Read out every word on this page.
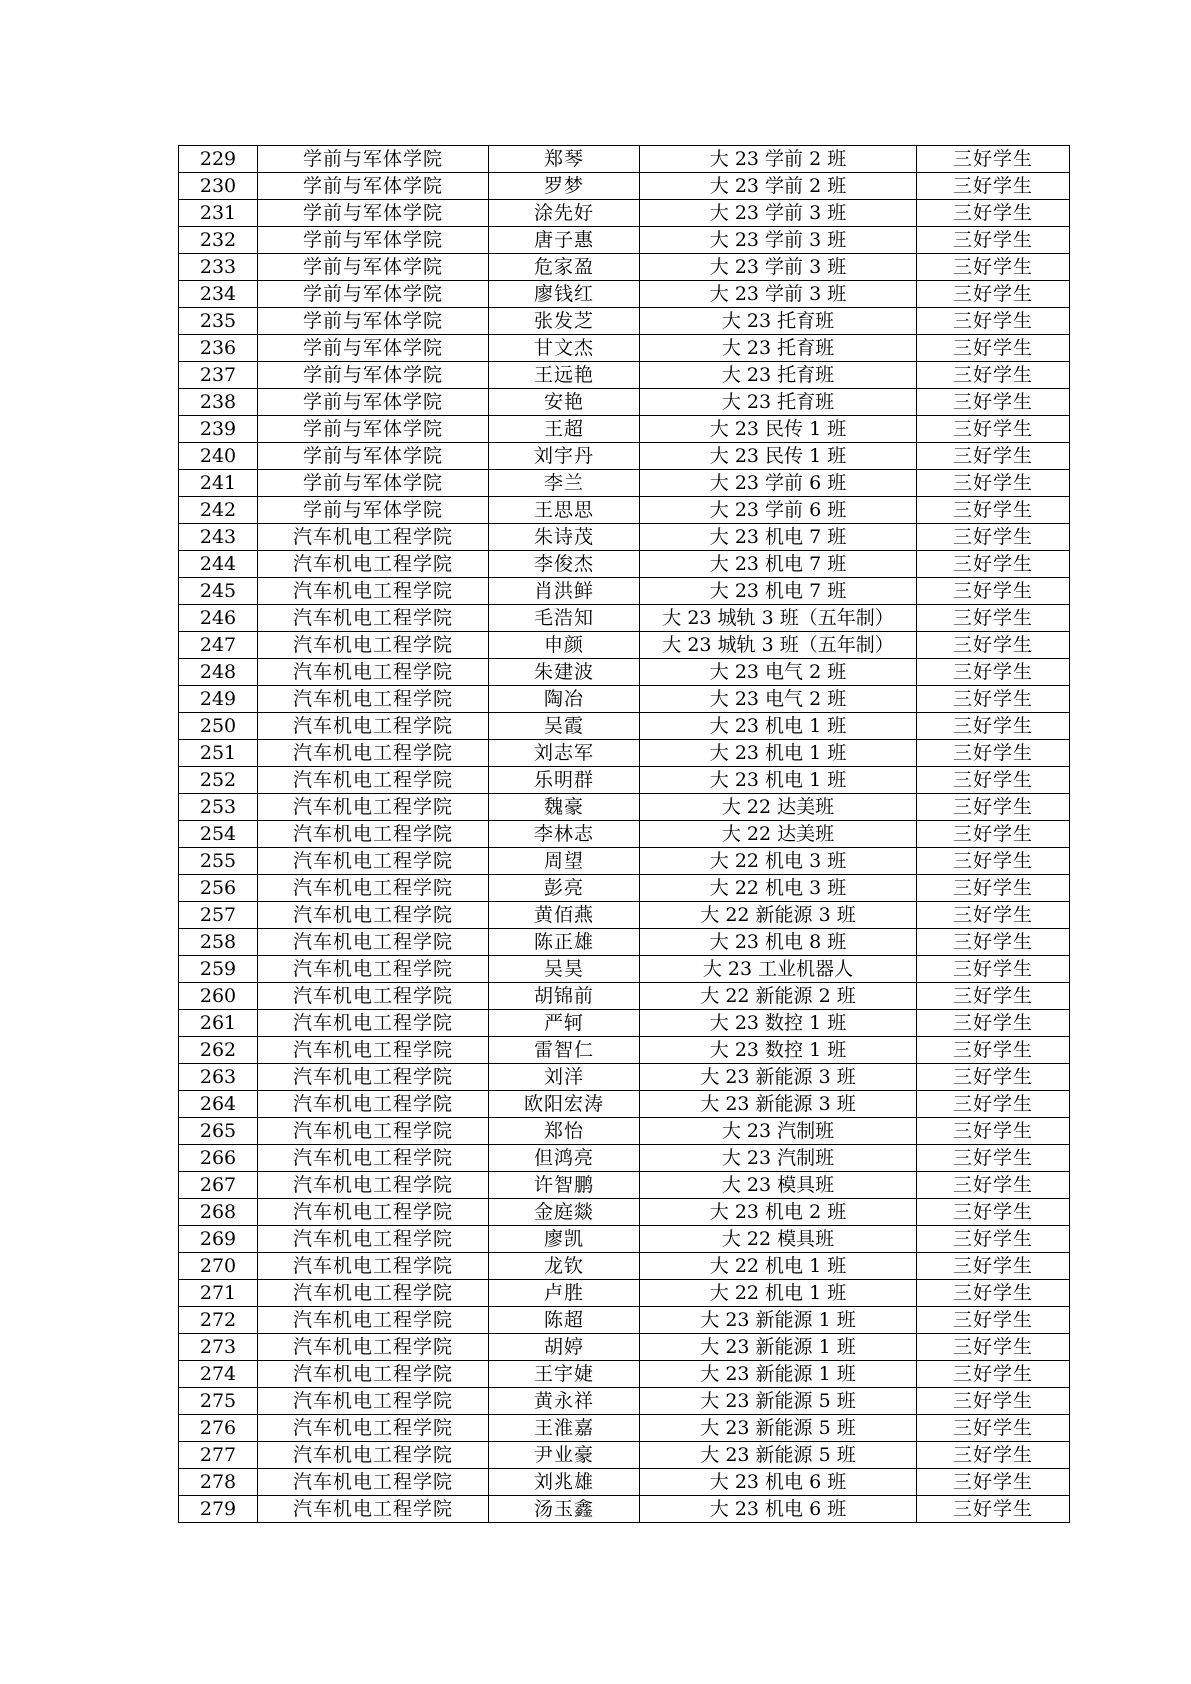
229	学前与军体学院	郑琴	大 23 学前 2 班	三好学生
230	学前与军体学院	罗梦	大 23 学前 2 班	三好学生
231	学前与军体学院	涂先好	大 23 学前 3 班	三好学生
232	学前与军体学院	唐子惠	大 23 学前 3 班	三好学生
233	学前与军体学院	危家盈	大 23 学前 3 班	三好学生
234	学前与军体学院	廖钱红	大 23 学前 3 班	三好学生
235	学前与军体学院	张发芝	大 23 托育班	三好学生
236	学前与军体学院	甘文杰	大 23 托育班	三好学生
237	学前与军体学院	王远艳	大 23 托育班	三好学生
238	学前与军体学院	安艳	大 23 托育班	三好学生
239	学前与军体学院	王超	大 23 民传 1 班	三好学生
240	学前与军体学院	刘宇丹	大 23 民传 1 班	三好学生
241	学前与军体学院	李兰	大 23 学前 6 班	三好学生
242	学前与军体学院	王思思	大 23 学前 6 班	三好学生
243	汽车机电工程学院	朱诗茂	大 23 机电 7 班	三好学生
244	汽车机电工程学院	李俊杰	大 23 机电 7 班	三好学生
245	汽车机电工程学院	肖洪鲜	大 23 机电 7 班	三好学生
246	汽车机电工程学院	毛浩知	大 23 城轨 3 班（五年制）	三好学生
247	汽车机电工程学院	申颜	大 23 城轨 3 班（五年制）	三好学生
248	汽车机电工程学院	朱建波	大 23 电气 2 班	三好学生
249	汽车机电工程学院	陶冶	大 23 电气 2 班	三好学生
250	汽车机电工程学院	吴霞	大 23 机电 1 班	三好学生
251	汽车机电工程学院	刘志军	大 23 机电 1 班	三好学生
252	汽车机电工程学院	乐明群	大 23 机电 1 班	三好学生
253	汽车机电工程学院	魏豪	大 22 达美班	三好学生
254	汽车机电工程学院	李林志	大 22 达美班	三好学生
255	汽车机电工程学院	周望	大 22 机电 3 班	三好学生
256	汽车机电工程学院	彭亮	大 22 机电 3 班	三好学生
257	汽车机电工程学院	黄佰燕	大 22 新能源 3 班	三好学生
258	汽车机电工程学院	陈正雄	大 23 机电 8 班	三好学生
259	汽车机电工程学院	吴昊	大 23 工业机器人	三好学生
260	汽车机电工程学院	胡锦前	大 22 新能源 2 班	三好学生
261	汽车机电工程学院	严轲	大 23 数控 1 班	三好学生
262	汽车机电工程学院	雷智仁	大 23 数控 1 班	三好学生
263	汽车机电工程学院	刘洋	大 23 新能源 3 班	三好学生
264	汽车机电工程学院	欧阳宏涛	大 23 新能源 3 班	三好学生
265	汽车机电工程学院	郑怡	大 23 汽制班	三好学生
266	汽车机电工程学院	但鸿亮	大 23 汽制班	三好学生
267	汽车机电工程学院	许智鹏	大 23 模具班	三好学生
268	汽车机电工程学院	金庭燚	大 23 机电 2 班	三好学生
269	汽车机电工程学院	廖凯	大 22 模具班	三好学生
270	汽车机电工程学院	龙钦	大 22 机电 1 班	三好学生
271	汽车机电工程学院	卢胜	大 22 机电 1 班	三好学生
272	汽车机电工程学院	陈超	大 23 新能源 1 班	三好学生
273	汽车机电工程学院	胡婷	大 23 新能源 1 班	三好学生
274	汽车机电工程学院	王宇婕	大 23 新能源 1 班	三好学生
275	汽车机电工程学院	黄永祥	大 23 新能源 5 班	三好学生
276	汽车机电工程学院	王淮嘉	大 23 新能源 5 班	三好学生
277	汽车机电工程学院	尹业豪	大 23 新能源 5 班	三好学生
278	汽车机电工程学院	刘兆雄	大 23 机电 6 班	三好学生
279	汽车机电工程学院	汤玉鑫	大 23 机电 6 班	三好学生
